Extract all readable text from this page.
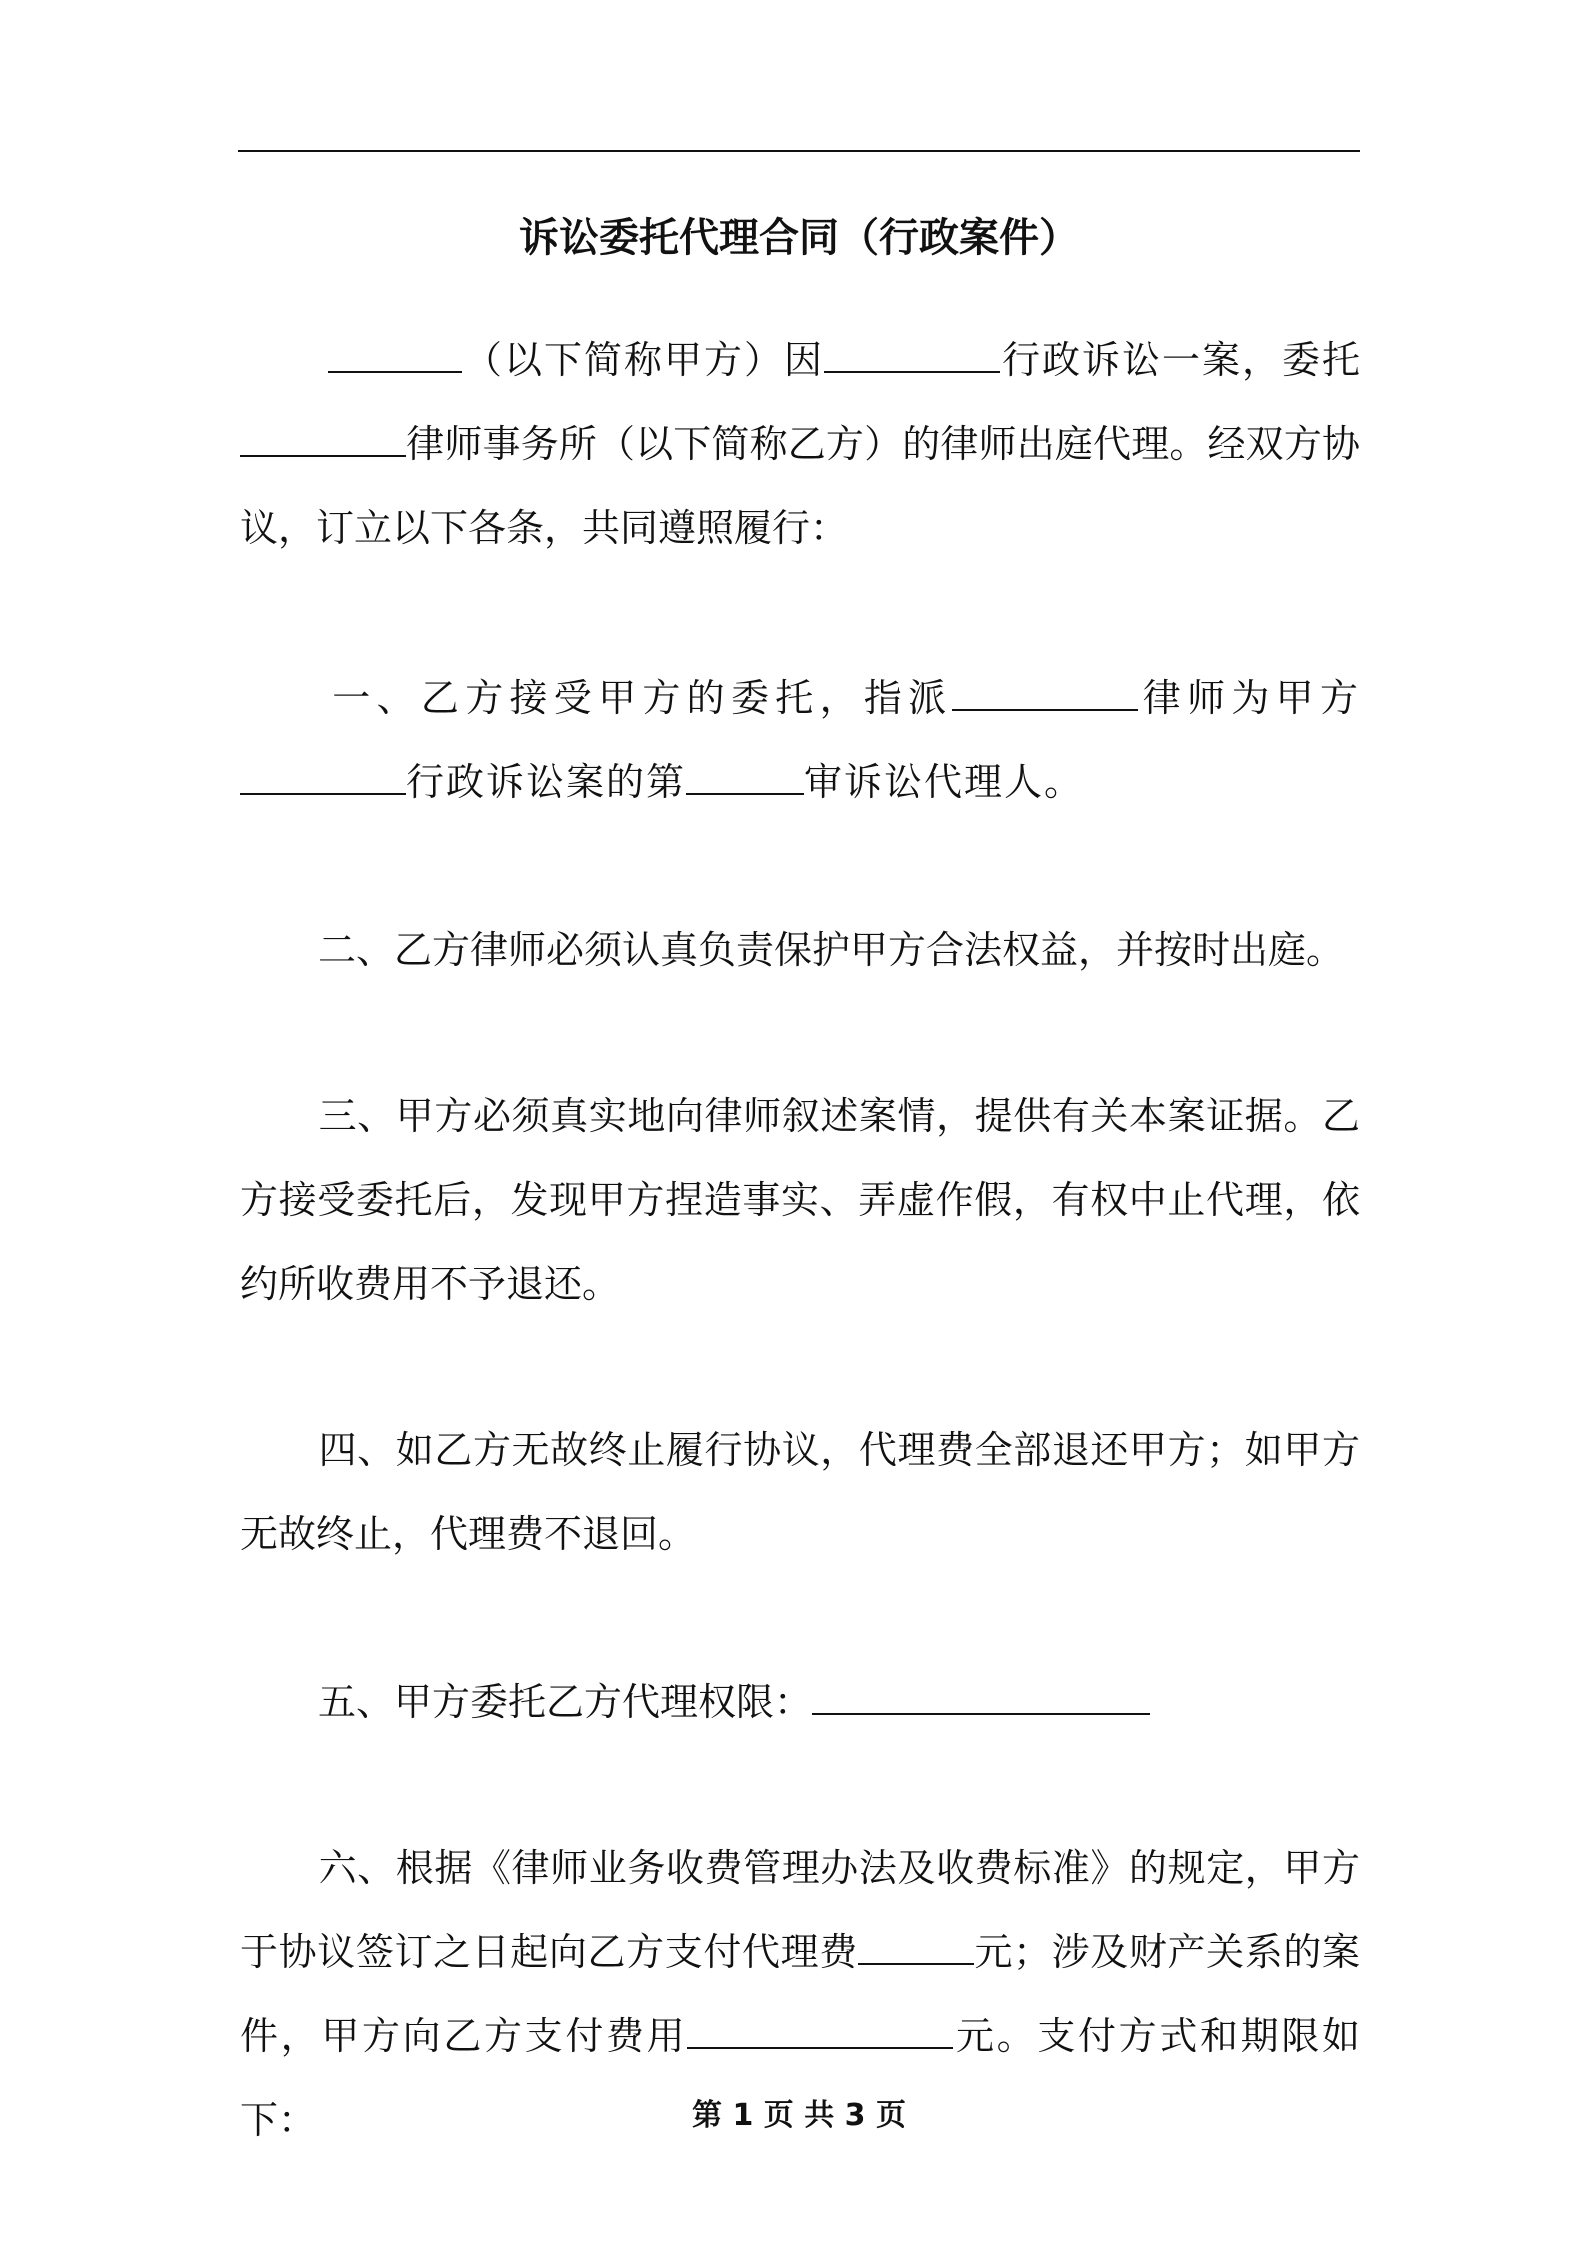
诉讼委托代理合同（行政案件）

（以下简称甲方）因	行政诉讼一案，委托律师事务所（以下简称乙方）的律师出庭代理。经双方协议，订立以下各条，共同遵照履行：

一、乙方接受甲方的委托，指派	律师为甲方行政诉讼案的第	审诉讼代理人。

二、乙方律师必须认真负责保护甲方合法权益，并按时出庭。

三、甲方必须真实地向律师叙述案情，提供有关本案证据。乙方接受委托后，发现甲方捏造事实、弄虚作假，有权中止代理，依约所收费用不予退还。

四、如乙方无故终止履行协议，代理费全部退还甲方；如甲方无故终止，代理费不退回。

五、甲方委托乙方代理权限：

六、根据《律师业务收费管理办法及收费标准》的规定，甲方于协议签订之日起向乙方支付代理费	元；涉及财产关系的案件，甲方向乙方支付费用	元。支付方式和期限如下：	第 1 页 共 3 页
